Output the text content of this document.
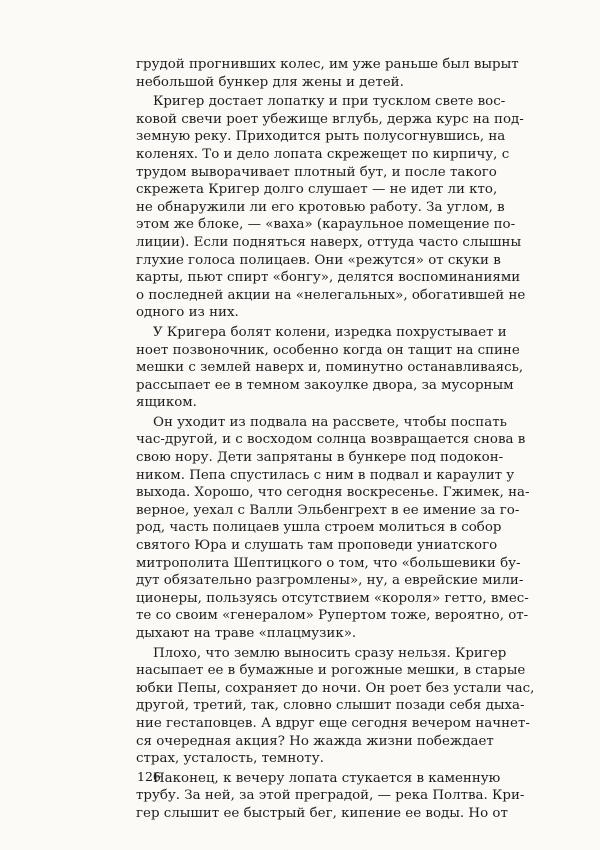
грудой прогнивших колес, им уже раньше был вырыт
небольшой бункер для жены и детей.

Кригер достает лопатку и при тусклом свете вос-
ковой свечи роет убежище вглубь, держа курс на под-
земную реку. Приходится рыть полусогнувшись, на
коленях. То и дело лопата скрежещет по кирпичу, с
трудом выворачивает плотный бут, и после такого
скрежета Кригер долго слушает — не идет ли кто,
не обнаружили ли его кротовью работу. За углом, в
этом же блоке, — «ваха» (караульное помещение по-
лиции). Если подняться наверх, оттуда часто слышны
глухие голоса полицаев. Они «режутся» от скуки в
карты, пьют спирт «бонгу», делятся воспоминаниями
о последней акции на «нелегальных», обогатившей не
одного из них.

У Кригера болят колени, изредка похрустывает и
ноет позвоночник, особенно когда он тащит на спине
мешки с землей наверх и, поминутно останавливаясь,
рассыпает ее в темном закоулке двора, за мусорным
ящиком.

Он уходит из подвала на рассвете, чтобы поспать
час-другой, и с восходом солнца возвращается снова в
свою нору. Дети запрятаны в бункере под подокон-
ником. Пепа спустилась с ним в подвал и караулит у
выхода. Хорошо, что сегодня воскресенье. Гжимек, на-
верное, уехал с Валли Эльбенгрехт в ее имение за го-
род, часть полицаев ушла строем молиться в собор
святого Юра и слушать там проповеди униатского
митрополита Шептицкого о том, что «большевики бу-
дут обязательно разгромлены», ну, а еврейские мили-
ционеры, пользуясь отсутствием «короля» гетто, вмес-
те со своим «генералом» Рупертом тоже, вероятно, от-
дыхают на траве «плацмузик».

Плохо, что землю выносить сразу нельзя. Кригер
насыпает ее в бумажные и рогожные мешки, в старые
юбки Пепы, сохраняет до ночи. Он роет без устали час,
другой, третий, так, словно слышит позади себя дыха-
ние гестаповцев. А вдруг еще сегодня вечером начнет-
ся очередная акция? Но жажда жизни побеждает
страх, усталость, темноту.

Наконец, к вечеру лопата стукается в каменную
трубу. За ней, за этой преградой, — река Полтва. Кри-
гер слышит ее быстрый бег, кипение ее воды. Но от

126
